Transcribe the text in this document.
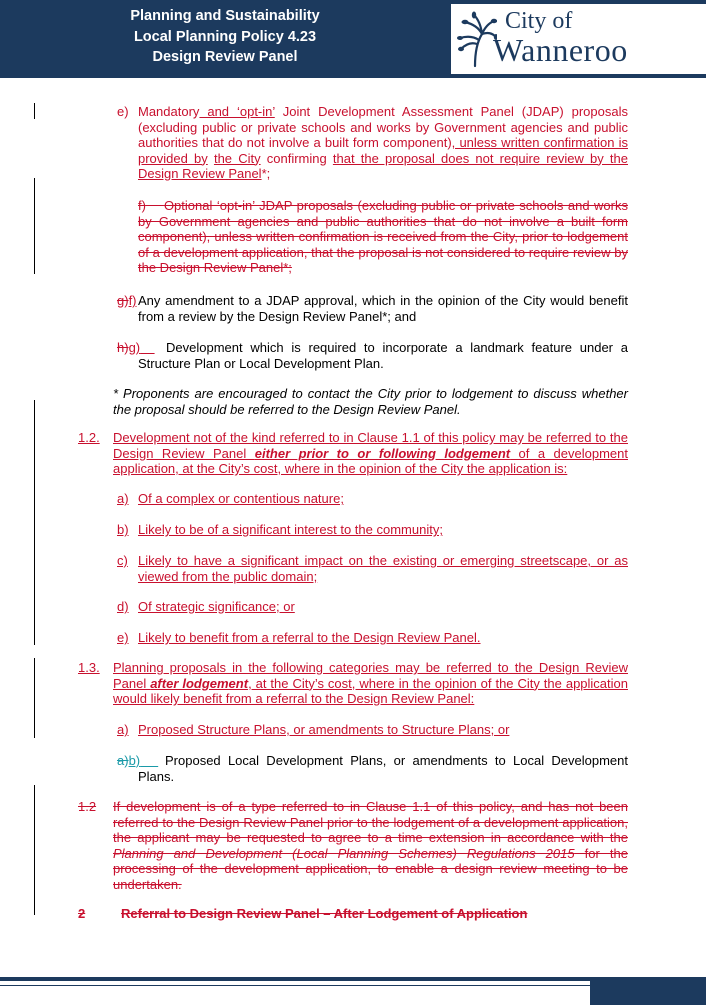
Planning and Sustainability
Local Planning Policy 4.23
Design Review Panel
City of
Wanneroo
e) Mandatory and ‘opt-in’ Joint Development Assessment Panel (JDAP) proposals (excluding public or private schools and works by Government agencies and public authorities that do not involve a built form component), unless written confirmation is provided by the City confirming that the proposal does not require review by the Design Review Panel*;
f) Optional ‘opt-in’ JDAP proposals (excluding public or private schools and works by Government agencies and public authorities that do not involve a built form component), unless written confirmation is received from the City, prior to lodgement of a development application, that the proposal is not considered to require review by the Design Review Panel*;
g)f) Any amendment to a JDAP approval, which in the opinion of the City would benefit from a review by the Design Review Panel*; and
h)g)	Development which is required to incorporate a landmark feature under a Structure Plan or Local Development Plan.
* Proponents are encouraged to contact the City prior to lodgement to discuss whether the proposal should be referred to the Design Review Panel.
1.2. Development not of the kind referred to in Clause 1.1 of this policy may be referred to the Design Review Panel either prior to or following lodgement of a development application, at the City’s cost, where in the opinion of the City the application is:
a) Of a complex or contentious nature;
b) Likely to be of a significant interest to the community;
c) Likely to have a significant impact on the existing or emerging streetscape, or as viewed from the public domain;
d) Of strategic significance; or
e) Likely to benefit from a referral to the Design Review Panel.
1.3. Planning proposals in the following categories may be referred to the Design Review Panel after lodgement, at the City’s cost, where in the opinion of the City the application would likely benefit from a referral to the Design Review Panel:
a) Proposed Structure Plans, or amendments to Structure Plans; or
a)b)	Proposed Local Development Plans, or amendments to Local Development Plans.
1.2 If development is of a type referred to in Clause 1.1 of this policy, and has not been referred to the Design Review Panel prior to the lodgement of a development application, the applicant may be requested to agree to a time extension in accordance with the Planning and Development (Local Planning Schemes) Regulations 2015 for the processing of the development application, to enable a design review meeting to be undertaken.
2	Referral to Design Review Panel – After Lodgement of Application
